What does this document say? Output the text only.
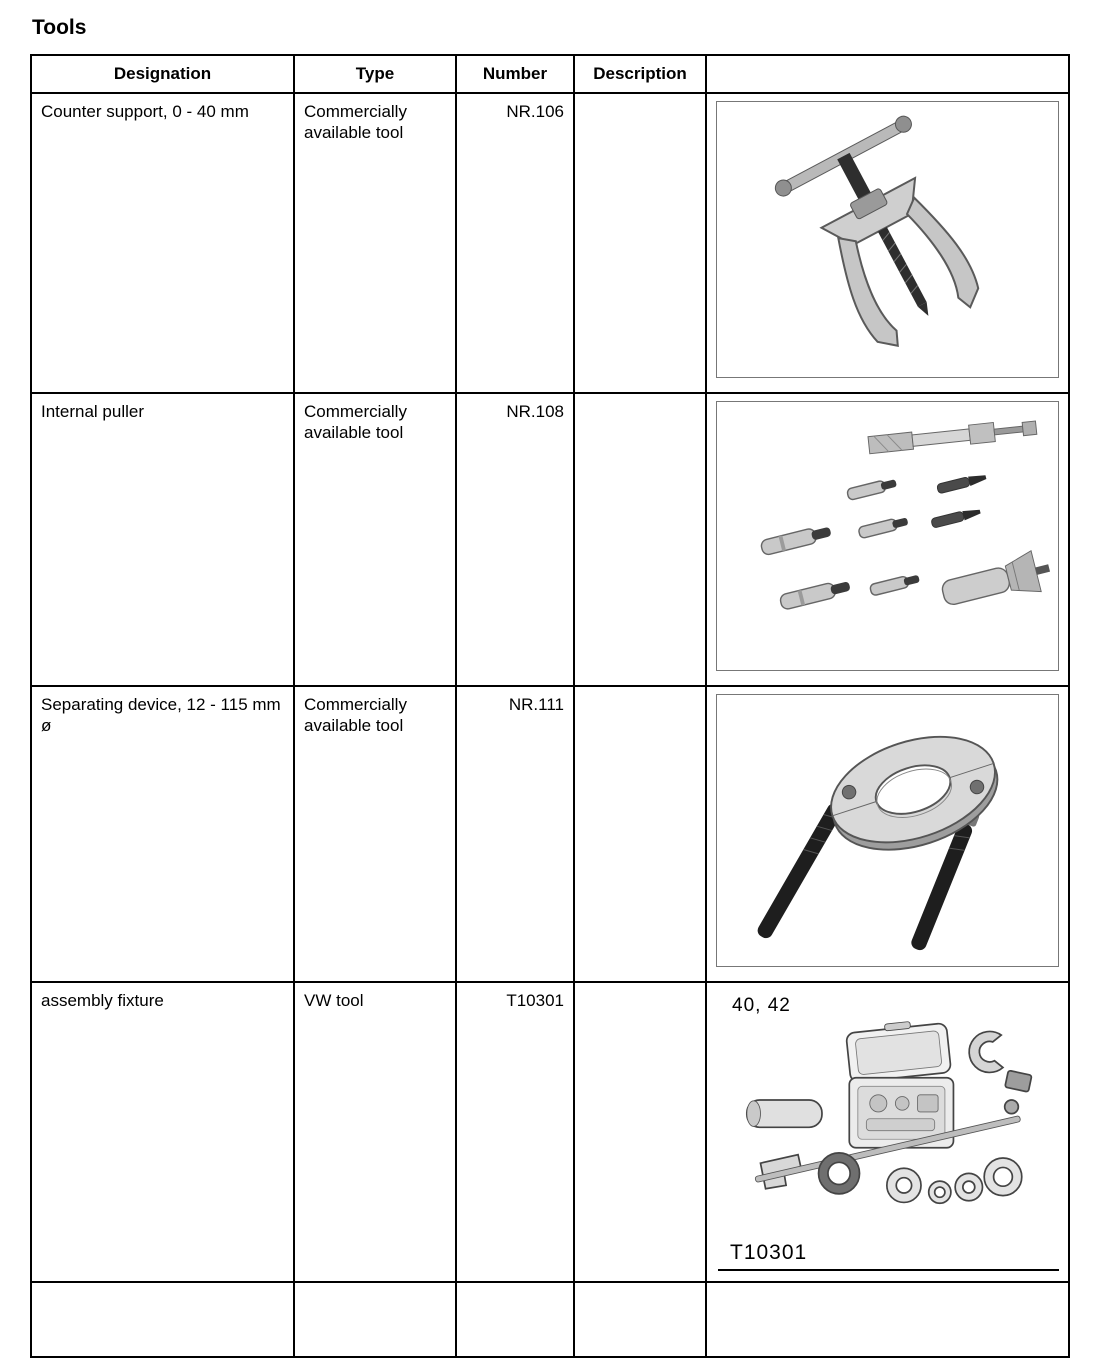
Tools
Designation	Type	Number	Description	
Counter support, 0 - 40 mm	Commercially available tool	NR.106		

Internal puller	Commercially available tool	NR.108		

Separating device, 12 - 115 mm ø	Commercially available tool	NR.111		

assembly fixture	VW tool	T10301		40, 42
T10301
